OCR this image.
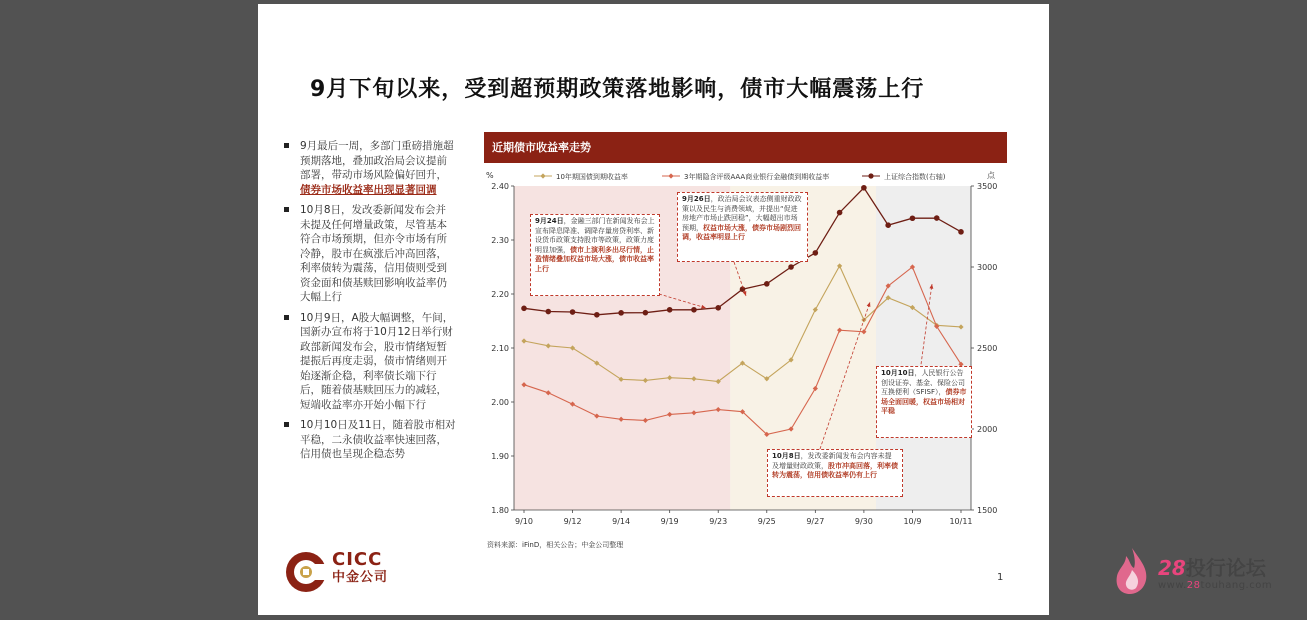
9月下旬以来，受到超预期政策落地影响，债市大幅震荡上行
9月最后一周，多部门重磅措施超预期落地，叠加政治局会议提前部署，带动市场风险偏好回升，债券市场收益率出现显著回调
10月8日，发改委新闻发布会并未提及任何增量政策，尽管基本符合市场预期，但亦令市场有所冷静，股市在疯涨后冲高回落，利率债转为震荡，信用债则受到资金面和债基赎回影响收益率仍大幅上行
10月9日，A股大幅调整，午间，国新办宣布将于10月12日举行财政部新闻发布会，股市情绪短暂提振后再度走弱，债市情绪则开始逐渐企稳，利率债长端下行后，随着债基赎回压力的减轻，短端收益率亦开始小幅下行
10月10日及11日，随着股市相对平稳，二永债收益率快速回落，信用债也呈现企稳态势
近期债市收益率走势
1.80
1.90
2.00
2.10
2.20
2.30
2.40
1500
2000
2500
3000
3500
%	点
9/10	9/12	9/14	9/19	9/23	9/25	9/27	9/30	10/9	10/11
10年期国债到期收益率	3年期隐含评级AAA商业银行金融债到期收益率	上证综合指数(右轴)
9月24日，金融三部门在新闻发布会上宣布降息降准、调降存量房贷利率、新设货币政策支持股市等政策，政策力度明显加强，债市上演利多出尽行情，止盈情绪叠加权益市场大涨，债市收益率上行
9月26日，政治局会议表态侧重财政政策以及民生与消费领域，并提出“促进房地产市场止跌回稳”，大幅超出市场预期，权益市场大涨，债券市场剧烈回调，收益率明显上行
10月8日，发改委新闻发布会内容未提及增量财政政策，股市冲高回落，利率债转为震荡，信用债收益率仍有上行
10月10日，人民银行公告创设证券、基金、保险公司互换便利（SFISF），债券市场全面回暖，权益市场相对平稳
资料来源：iFinD，相关公告；中金公司整理
1
CICC
中金公司	28投行论坛
www.28touhang.com
